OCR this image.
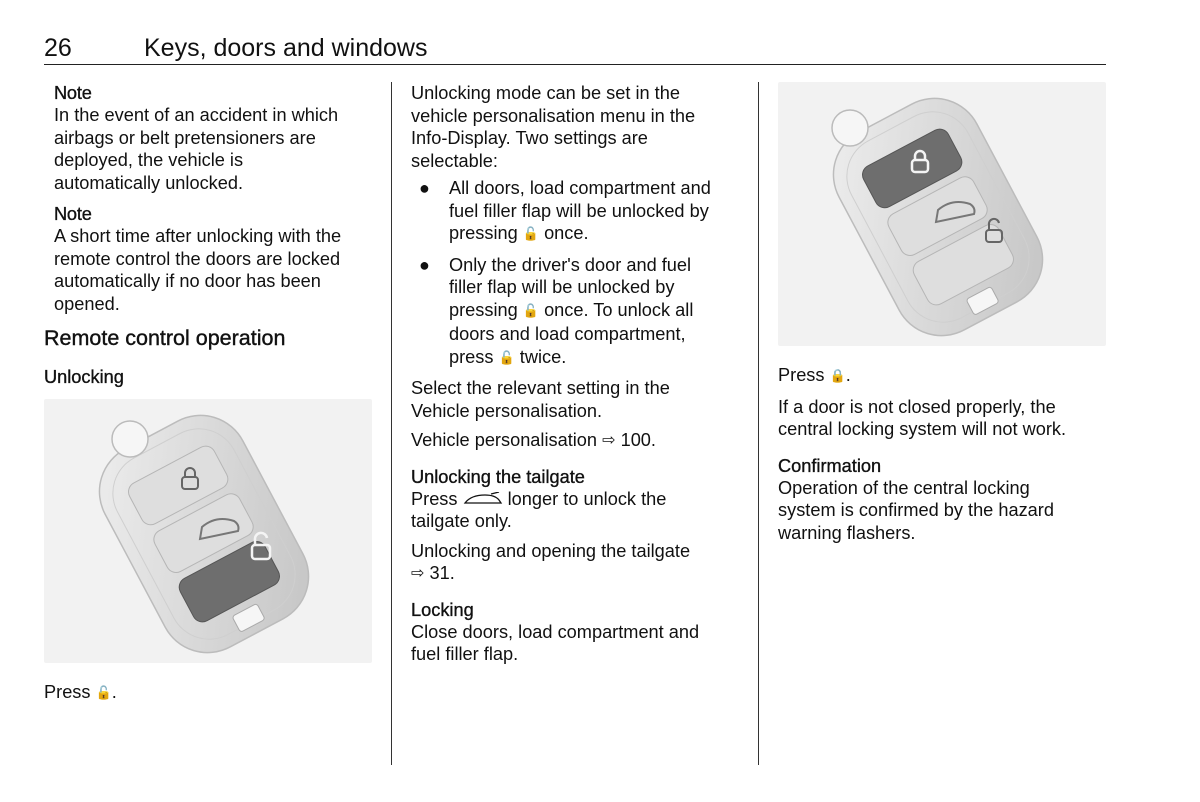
26	Keys, doors and windows
Note
In the event of an accident in which
airbags or belt pretensioners are
deployed, the vehicle is
automatically unlocked.
Note
A short time after unlocking with the
remote control the doors are locked
automatically if no door has been
opened.
Remote control operation
Unlocking
Press 🔓.
Unlocking mode can be set in the
vehicle personalisation menu in the
Info-Display. Two settings are
selectable:
● All doors, load compartment and
fuel filler flap will be unlocked by
pressing 🔓 once.
● Only the driver's door and fuel
filler flap will be unlocked by
pressing 🔓 once. To unlock all
doors and load compartment,
press 🔓 twice.
Select the relevant setting in the
Vehicle personalisation.
Vehicle personalisation ⇨ 100.
Unlocking the tailgate
Press	longer to unlock the
tailgate only.
Unlocking and opening the tailgate
⇨ 31.
Locking
Close doors, load compartment and
fuel filler flap.
Press 🔒.
If a door is not closed properly, the
central locking system will not work.
Confirmation
Operation of the central locking
system is confirmed by the hazard
warning flashers.
